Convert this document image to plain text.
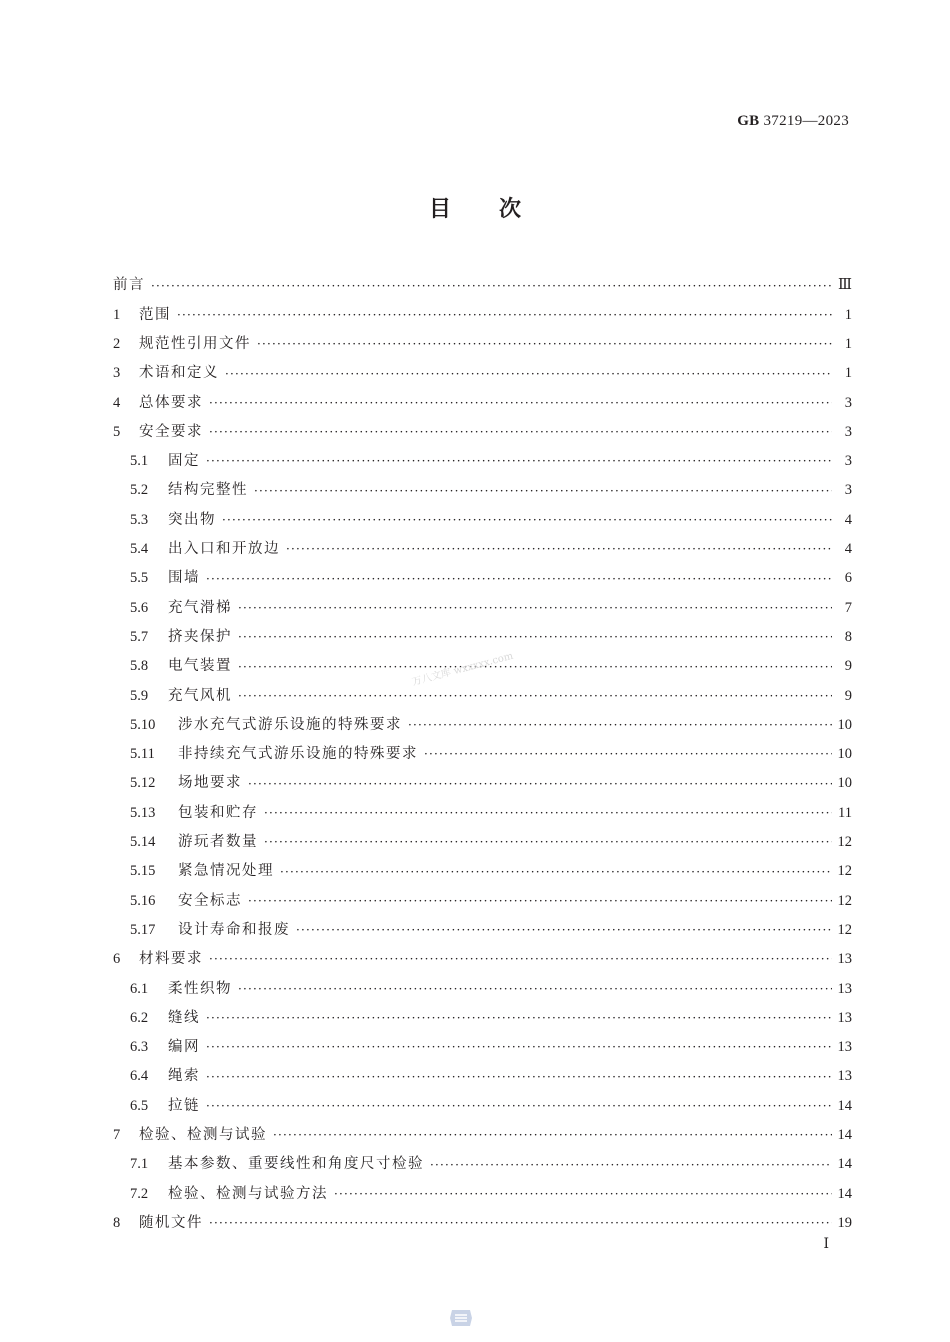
GB 37219—2023
目次
前言 ·····	Ⅲ
1	范围 ·····	1
2	规范性引用文件 ·····	1
3	术语和定义 ·····	1
4	总体要求 ·····	3
5	安全要求 ·····	3
5.1	固定 ·····	3
5.2	结构完整性 ·····	3
5.3	突出物 ·····	4
5.4	出入口和开放边 ·····	4
5.5	围墙 ·····	6
5.6	充气滑梯 ·····	7
5.7	挤夹保护 ·····	8
5.8	电气装置 ·····	9
5.9	充气风机 ·····	9
5.10	涉水充气式游乐设施的特殊要求 ·····	10
5.11	非持续充气式游乐设施的特殊要求 ·····	10
5.12	场地要求 ·····	10
5.13	包装和贮存 ·····	11
5.14	游玩者数量 ·····	12
5.15	紧急情况处理 ·····	12
5.16	安全标志 ·····	12
5.17	设计寿命和报废 ·····	12
6	材料要求 ·····	13
6.1	柔性织物 ·····	13
6.2	缝线 ·····	13
6.3	编网 ·····	13
6.4	绳索 ·····	13
6.5	拉链 ·····	14
7	检验、检测与试验 ·····	14
7.1	基本参数、重要线性和角度尺寸检验 ·····	14
7.2	检验、检测与试验方法 ·····	14
8	随机文件 ·····	19
万八文库 wxxxxx.com
Ⅰ
